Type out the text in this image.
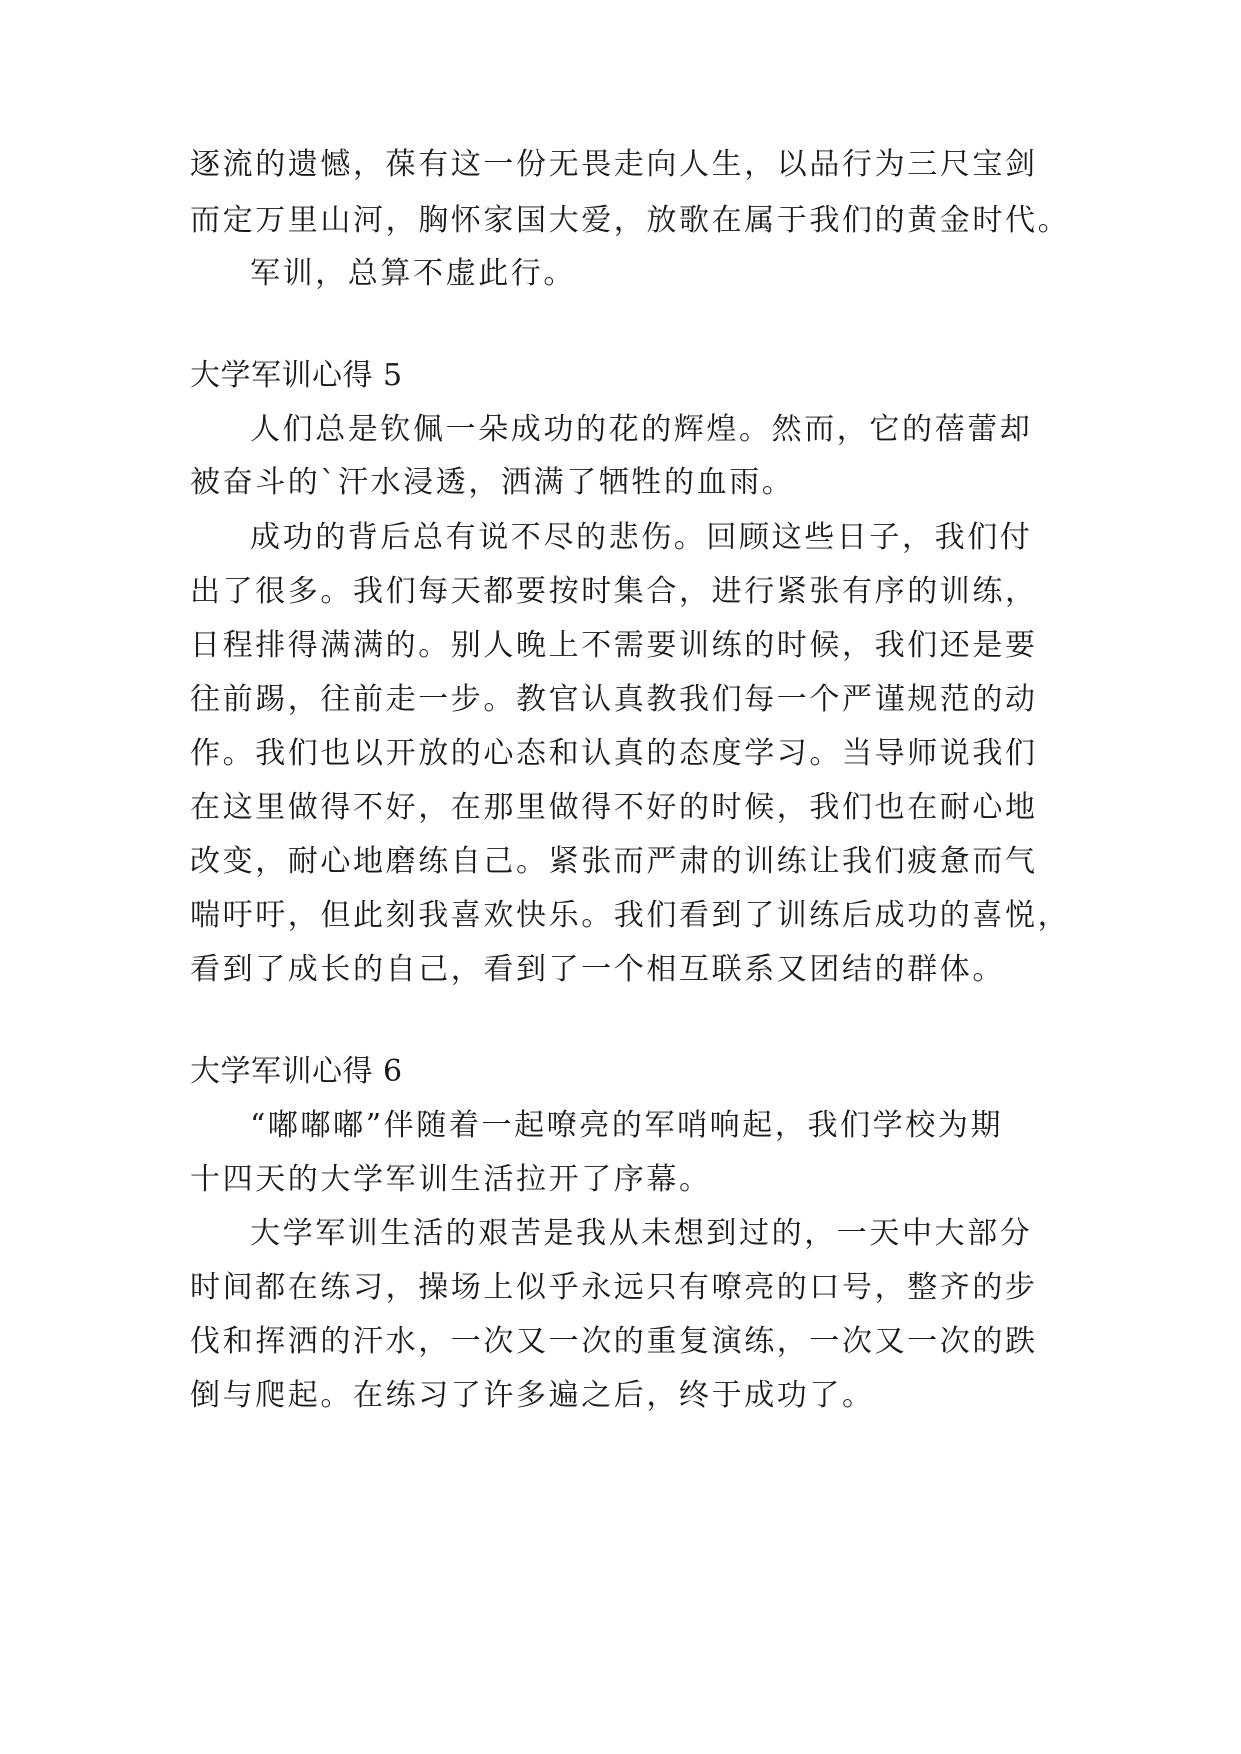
逐流的遗憾，葆有这一份无畏走向人生，以品行为三尺宝剑
而定万里山河，胸怀家国大爱，放歌在属于我们的黄金时代。
军训，总算不虚此行。
大学军训心得 5
人们总是钦佩一朵成功的花的辉煌。然而，它的蓓蕾却
被奋斗的`汗水浸透，洒满了牺牲的血雨。
成功的背后总有说不尽的悲伤。回顾这些日子，我们付
出了很多。我们每天都要按时集合，进行紧张有序的训练，
日程排得满满的。别人晚上不需要训练的时候，我们还是要
往前踢，往前走一步。教官认真教我们每一个严谨规范的动
作。我们也以开放的心态和认真的态度学习。当导师说我们
在这里做得不好，在那里做得不好的时候，我们也在耐心地
改变，耐心地磨练自己。紧张而严肃的训练让我们疲惫而气
喘吁吁，但此刻我喜欢快乐。我们看到了训练后成功的喜悦，
看到了成长的自己，看到了一个相互联系又团结的群体。
大学军训心得 6
“嘟嘟嘟”伴随着一起嘹亮的军哨响起，我们学校为期
十四天的大学军训生活拉开了序幕。
大学军训生活的艰苦是我从未想到过的，一天中大部分
时间都在练习，操场上似乎永远只有嘹亮的口号，整齐的步
伐和挥洒的汗水，一次又一次的重复演练，一次又一次的跌
倒与爬起。在练习了许多遍之后，终于成功了。
